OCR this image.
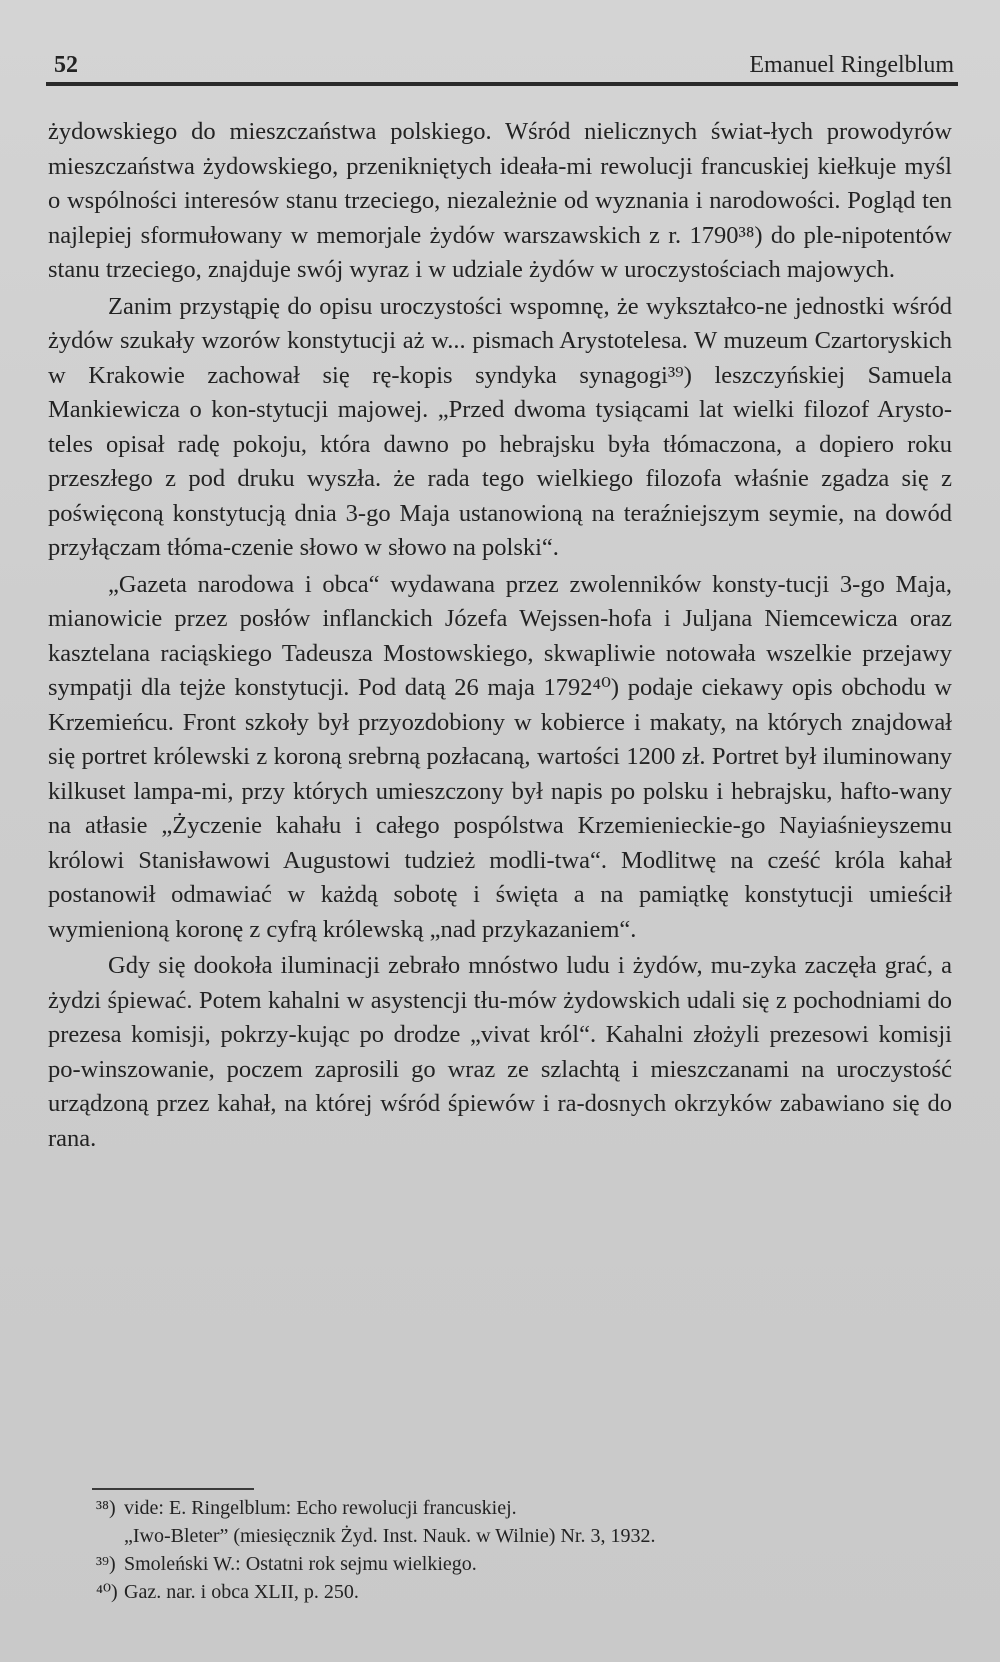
52	Emanuel Ringelblum

żydowskiego do mieszczaństwa polskiego. Wśród nielicznych świat-łych prowodyrów mieszczaństwa żydowskiego, przenikniętych ideała-mi rewolucji francuskiej kiełkuje myśl o wspólności interesów stanu trzeciego, niezależnie od wyznania i narodowości. Pogląd ten najlepiej sformułowany w memorjale żydów warszawskich z r. 1790³⁸) do ple-nipotentów stanu trzeciego, znajduje swój wyraz i w udziale żydów w uroczystościach majowych.

Zanim przystąpię do opisu uroczystości wspomnę, że wykształco-ne jednostki wśród żydów szukały wzorów konstytucji aż w... pismach Arystotelesa. W muzeum Czartoryskich w Krakowie zachował się rę-kopis syndyka synagogi³⁹) leszczyńskiej Samuela Mankiewicza o kon-stytucji majowej. „Przed dwoma tysiącami lat wielki filozof Arysto-teles opisał radę pokoju, która dawno po hebrajsku była tłómaczona, a dopiero roku przeszłego z pod druku wyszła. że rada tego wielkiego filozofa właśnie zgadza się z poświęconą konstytucją dnia 3-go Maja ustanowioną na teraźniejszym seymie, na dowód przyłączam tłóma-czenie słowo w słowo na polski“.

„Gazeta narodowa i obca“ wydawana przez zwolenników konsty-tucji 3-go Maja, mianowicie przez posłów inflanckich Józefa Wejssen-hofa i Juljana Niemcewicza oraz kasztelana raciąskiego Tadeusza Mostowskiego, skwapliwie notowała wszelkie przejawy sympatji dla tejże konstytucji. Pod datą 26 maja 1792⁴⁰) podaje ciekawy opis obchodu w Krzemieńcu. Front szkoły był przyozdobiony w kobierce i makaty, na których znajdował się portret królewski z koroną srebrną pozłacaną, wartości 1200 zł. Portret był iluminowany kilkuset lampa-mi, przy których umieszczony był napis po polsku i hebrajsku, hafto-wany na atłasie „Życzenie kahału i całego pospólstwa Krzemienieckie-go Nayiaśnieyszemu królowi Stanisławowi Augustowi tudzież modli-twa“. Modlitwę na cześć króla kahał postanowił odmawiać w każdą sobotę i święta a na pamiątkę konstytucji umieścił wymienioną koronę z cyfrą królewską „nad przykazaniem“.

Gdy się dookoła iluminacji zebrało mnóstwo ludu i żydów, mu-zyka zaczęła grać, a żydzi śpiewać. Potem kahalni w asystencji tłu-mów żydowskich udali się z pochodniami do prezesa komisji, pokrzy-kując po drodze „vivat król“. Kahalni złożyli prezesowi komisji po-winszowanie, poczem zaprosili go wraz ze szlachtą i mieszczanami na uroczystość urządzoną przez kahał, na której wśród śpiewów i ra-dosnych okrzyków zabawiano się do rana.

³⁸) vide: E. Ringelblum: Echo rewolucji francuskiej.

„Iwo-Bleter” (miesięcznik Żyd. Inst. Nauk. w Wilnie) Nr. 3, 1932.

³⁹) Smoleński W.: Ostatni rok sejmu wielkiego.

⁴⁰) Gaz. nar. i obca XLII, p. 250.
